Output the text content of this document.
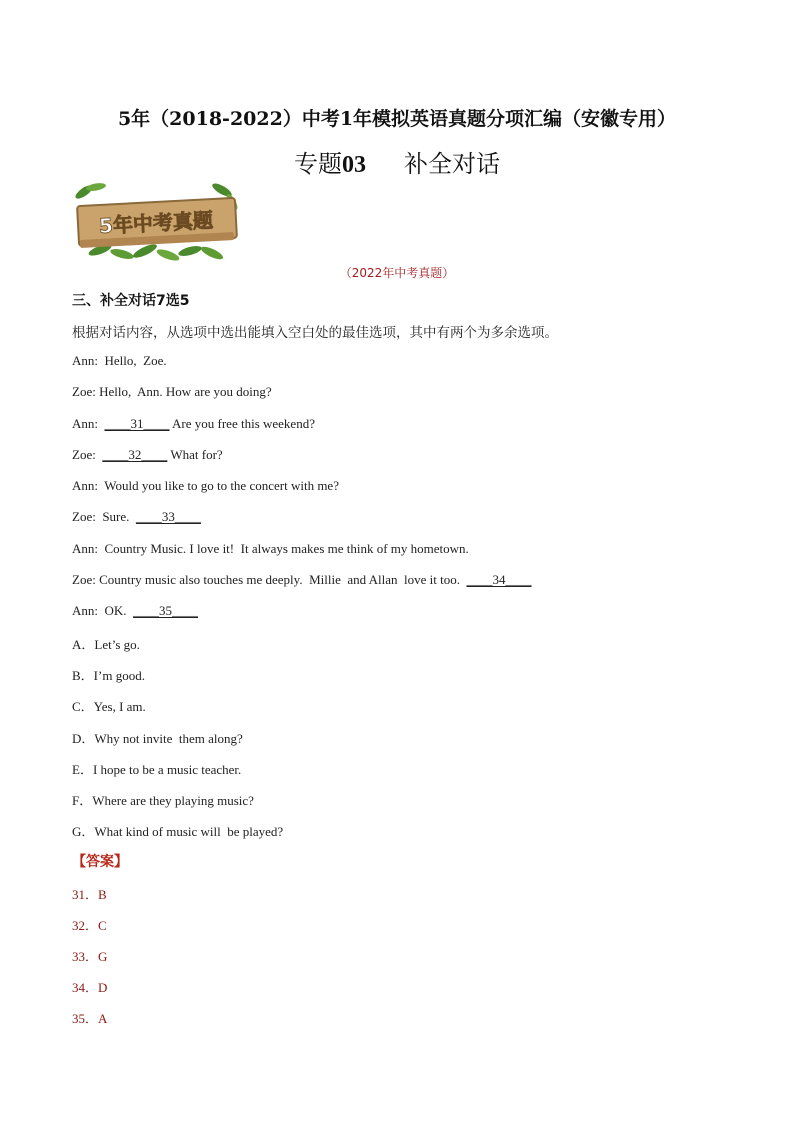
5年（2018-2022）中考1年模拟英语真题分项汇编（安徽专用）
专题03 补全对话
5年中考真题
（2022年中考真题）
三、补全对话7选5
根据对话内容，从选项中选出能填入空白处的最佳选项，其中有两个为多余选项。
Ann:  Hello,  Zoe.
Zoe: Hello,  Ann. How are you doing?
Ann:  ____31____ Are you free this weekend?
Zoe:  ____32____ What for?
Ann:  Would you like to go to the concert with me?
Zoe:  Sure.  ____33____
Ann:  Country Music. I love it!  It always makes me think of my hometown.
Zoe: Country music also touches me deeply.  Millie  and Allan  love it too.  ____34____
Ann:  OK.  ____35____
A．Let’s go.
B．I’m good.
C．Yes, I am.
D．Why not invite  them along?
E．I hope to be a music teacher.
F．Where are they playing music?
G．What kind of music will  be played?
【答案】
31．B
32．C
33．G
34．D
35．A
